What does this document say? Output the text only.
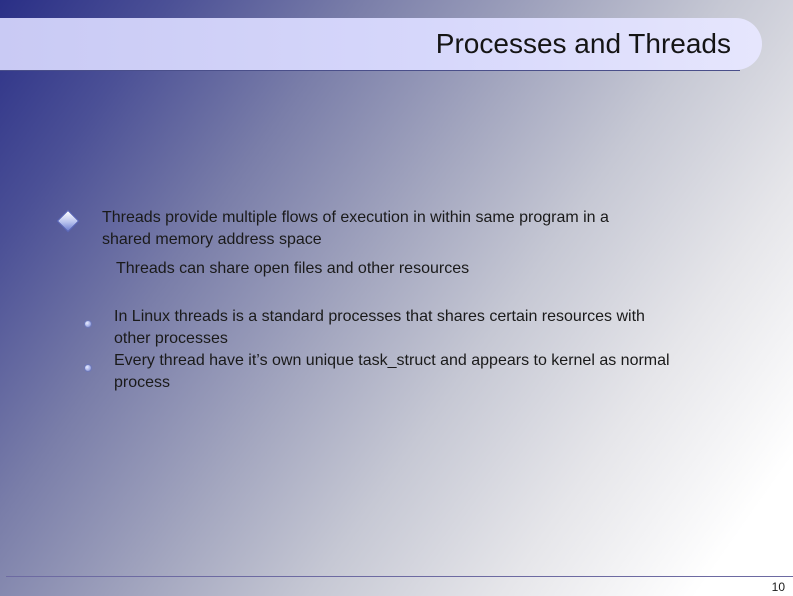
Processes and Threads
Threads provide multiple flows of execution in within same program in a shared memory address space
Threads can share open files and other resources
In Linux threads is a standard processes that shares certain resources with other processes
Every thread have it’s own unique task_struct and appears to kernel as normal process
10
